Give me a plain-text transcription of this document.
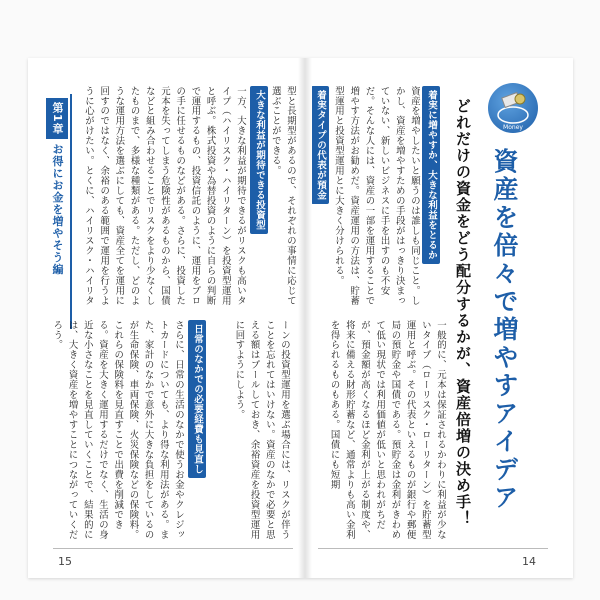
Money
資産を倍々で増やすアイデア
どれだけの資金をどう配分するかが、資産倍増の決め手！
着実に増やすか、大きな利益をとるか
資産を増やしたいと願うのは誰しも同じこと。しかし、資産を増やすための手段がはっきり決まっていない、新しいビジネスに手を出すのも不安だ。そんな人には、資産の一部を運用することで増やす方法がお勧めだ。資産運用の方法は、貯蓄型運用と投資型運用とに大きく分けられる。
着実タイプの代表が預金
一般的に、元本は保証されるかわりに利益が少ないタイプ（ローリスク・ローリターン）を貯蓄型運用と呼ぶ。その代表といえるものが銀行や郵便局の預貯金や国債である。預貯金は金利がきわめて低い現状では利用価値が低いと思われがちだが、預金額が高くなるほど金利が上がる制度や、将来に備える財形貯蓄など、通常よりも高い金利を得られるものもある。国債にも短期
14
第1章 お得にお金を増やそう編	型と長期型があるので、それぞれの事情に応じて選ぶことができる。
大きな利益が期待できる投資型
一方、大きな利益が期待できるがリスクも高いタイプ（ハイリスク・ハイリターン）を投資型運用と呼ぶ。株式投資や為替投資のように自らの判断で運用するもの、投資信託のように、運用をプロの手に任せるものなどがある。さらに、投資した元本を失ってしまう危険性があるものから、国債などと組み合わせることでリスクをより少なくしたものまで、多様な種類がある。ただし、どのような運用方法を選ぶにしても、資産全てを運用に回すのではなく、余裕のある範囲で運用を行うように心がけたい。とくに、ハイリスク・ハイリタ
ーンの投資型運用を選ぶ場合には、リスクが伴うことを忘れてはいけない。資産のなかで必要と思える額はプールしておき、余裕資産を投資型運用に回すようにしよう。
日常のなかでの必要経費も見直し
さらに、日常の生活のなかで使うお金やクレジットカードについても、より得な利用法がある。また、家計のなかで意外に大きな負担をしているのが生命保険、車両保険、火災保険などの保険料。これらの保険料を見直すことで出費を削減できる。資産を大きく運用するだけでなく、生活の身近な小さなことを見直していくことで、結果的には、大きく資産を増やすことにつながっていくだろう。
15
